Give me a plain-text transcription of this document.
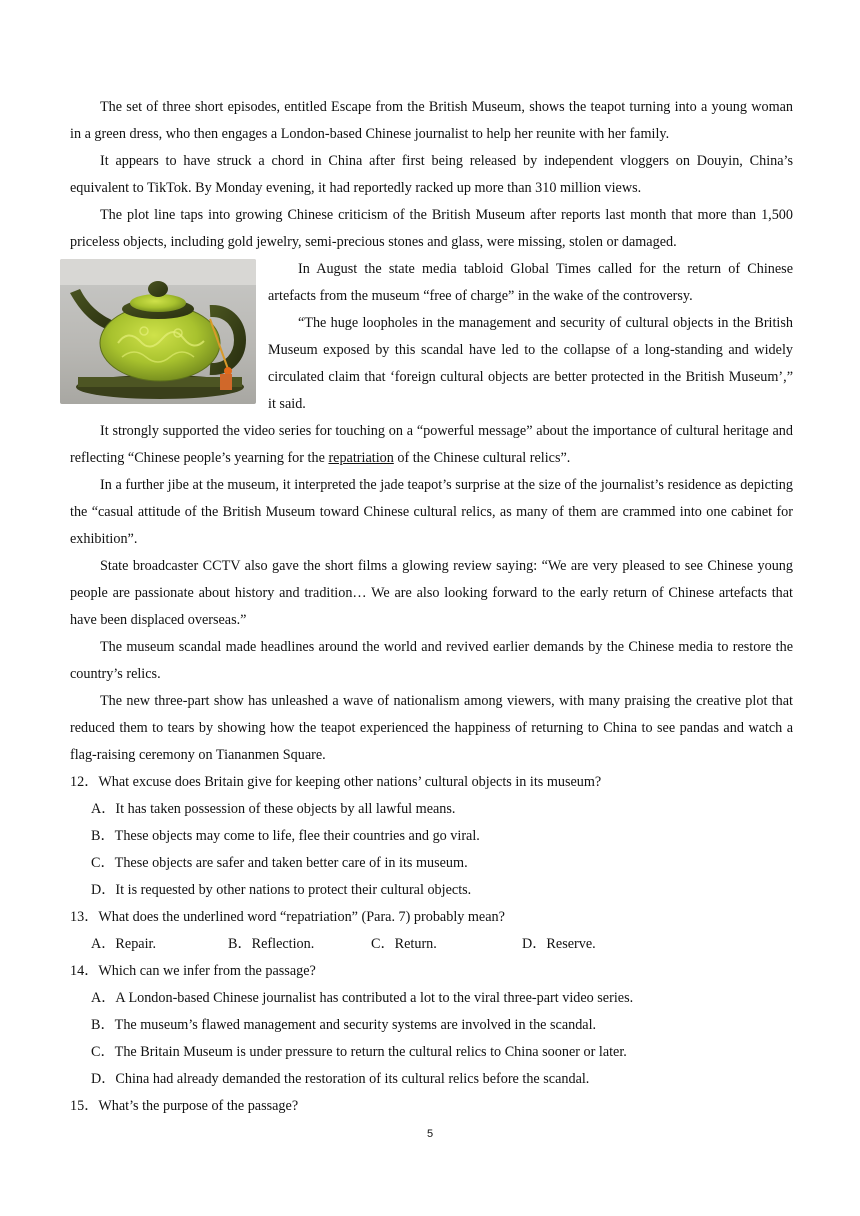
The set of three short episodes, entitled Escape from the British Museum, shows the teapot turning into a young woman in a green dress, who then engages a London-based Chinese journalist to help her reunite with her family.

It appears to have struck a chord in China after first being released by independent vloggers on Douyin, China’s equivalent to TikTok. By Monday evening, it had reportedly racked up more than 310 million views.

The plot line taps into growing Chinese criticism of the British Museum after reports last month that more than 1,500 priceless objects, including gold jewelry, semi-precious stones and glass, were missing, stolen or damaged.

In August the state media tabloid Global Times called for the return of Chinese artefacts from the museum “free of charge” in the wake of the controversy.

“The huge loopholes in the management and security of cultural objects in the British Museum exposed by this scandal have led to the collapse of a long-standing and widely circulated claim that ‘foreign cultural objects are better protected in the British Museum’,” it said.

It strongly supported the video series for touching on a “powerful message” about the importance of cultural heritage and reflecting “Chinese people’s yearning for the repatriation of the Chinese cultural relics”.

In a further jibe at the museum, it interpreted the jade teapot’s surprise at the size of the journalist’s residence as depicting the “casual attitude of the British Museum toward Chinese cultural relics, as many of them are crammed into one cabinet for exhibition”.

State broadcaster CCTV also gave the short films a glowing review saying: “We are very pleased to see Chinese young people are passionate about history and tradition… We are also looking forward to the early return of Chinese artefacts that have been displaced overseas.”

The museum scandal made headlines around the world and revived earlier demands by the Chinese media to restore the country’s relics.

The new three-part show has unleashed a wave of nationalism among viewers, with many praising the creative plot that reduced them to tears by showing how the teapot experienced the happiness of returning to China to see pandas and watch a flag-raising ceremony on Tiananmen Square.

12．What excuse does Britain give for keeping other nations’ cultural objects in its museum?
A．It has taken possession of these objects by all lawful means.
B．These objects may come to life, flee their countries and go viral.
C．These objects are safer and taken better care of in its museum.
D．It is requested by other nations to protect their cultural objects.
13．What does the underlined word “repatriation” (Para. 7) probably mean?
A．Repair.	B．Reflection.	C．Return.	D．Reserve.
14．Which can we infer from the passage?
A．A London-based Chinese journalist has contributed a lot to the viral three-part video series.
B．The museum’s flawed management and security systems are involved in the scandal.
C．The Britain Museum is under pressure to return the cultural relics to China sooner or later.
D．China had already demanded the restoration of its cultural relics before the scandal.
15．What’s the purpose of the passage?
5
